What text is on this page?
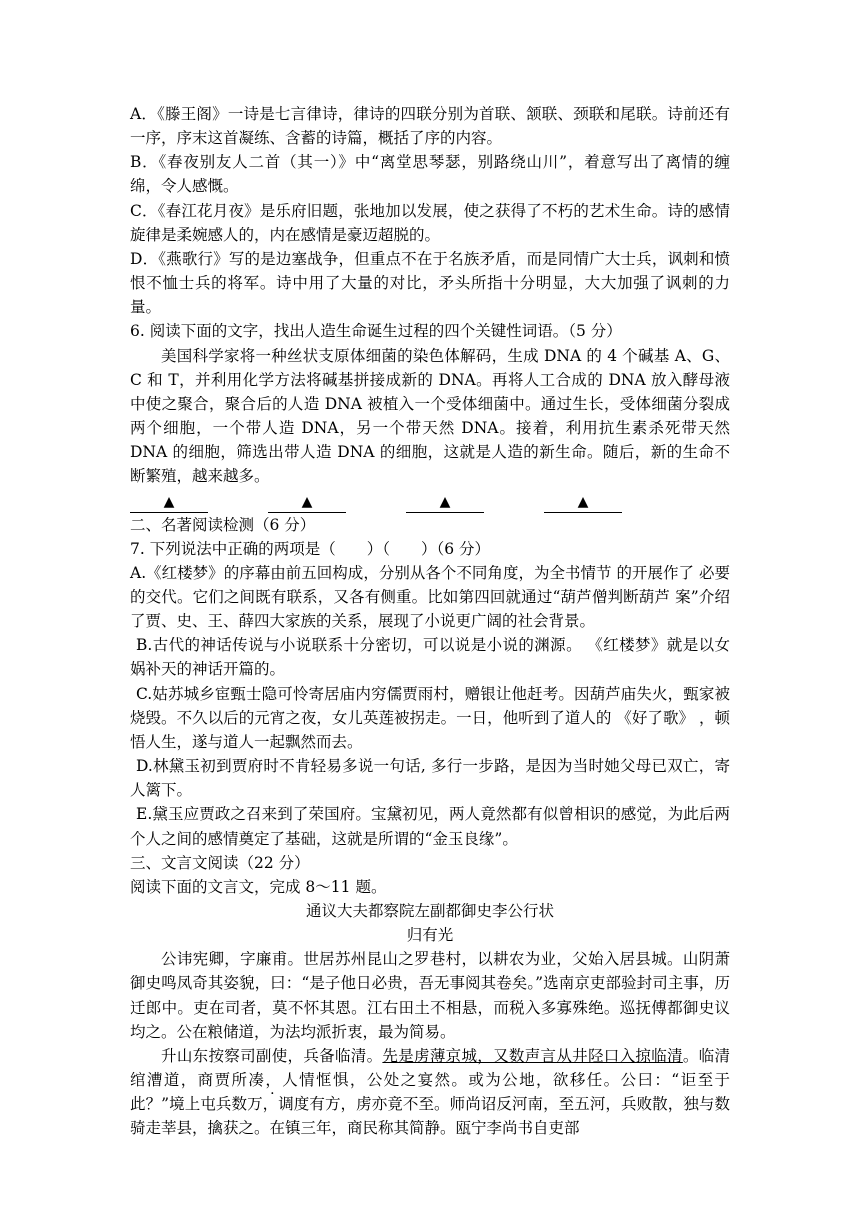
A．《滕王阁》一诗是七言律诗，律诗的四联分别为首联、颔联、颈联和尾联。诗前还有一序，序末这首凝练、含蓄的诗篇，概括了序的内容。

B．《春夜别友人二首（其一）》中“离堂思琴瑟，别路绕山川”，着意写出了离情的缠绵，令人感慨。

C．《春江花月夜》是乐府旧题，张地加以发展，使之获得了不朽的艺术生命。诗的感情旋律是柔婉感人的，内在感情是豪迈超脱的。

D．《燕歌行》写的是边塞战争，但重点不在于名族矛盾，而是同情广大士兵，讽刺和愤恨不恤士兵的将军。诗中用了大量的对比，矛头所指十分明显，大大加强了讽刺的力量。

6. 阅读下面的文字，找出人造生命诞生过程的四个关键性词语。（5 分）

美国科学家将一种丝状支原体细菌的染色体解码，生成 DNA 的 4 个碱基 A、G、C 和 T，并利用化学方法将碱基拼接成新的 DNA。再将人工合成的 DNA 放入酵母液中使之聚合，聚合后的人造 DNA 被植入一个受体细菌中。通过生长，受体细菌分裂成两个细胞，一个带人造 DNA，另一个带天然 DNA。接着，利用抗生素杀死带天然 DNA 的细胞，筛选出带人造 DNA 的细胞，这就是人造的新生命。随后，新的生命不断繁殖，越来越多。

▲	▲	▲	▲

二、名著阅读检测（6 分）

7. 下列说法中正确的两项是（　　）（　　）（6 分）

A.《红楼梦》的序幕由前五回构成，分别从各个不同角度，为全书情节 的开展作了 必要的交代。它们之间既有联系，又各有侧重。比如第四回就通过“葫芦僧判断葫芦 案”介绍了贾、史、王、薛四大家族的关系，展现了小说更广阔的社会背景。

B.古代的神话传说与小说联系十分密切，可以说是小说的渊源。 《红楼梦》就是以女娲补天的神话开篇的。

C.姑苏城乡宦甄士隐可怜寄居庙内穷儒贾雨村，赠银让他赶考。因葫芦庙失火，甄家被烧毁。不久以后的元宵之夜，女儿英莲被拐走。一日，他听到了道人的 《好了歌》 ，顿悟人生，遂与道人一起飘然而去。

D.林黛玉初到贾府时不肯轻易多说一句话, 多行一步路，是因为当时她父母已双亡，寄人篱下。

E.黛玉应贾政之召来到了荣国府。宝黛初见，两人竟然都有似曾相识的感觉，为此后两个人之间的感情奠定了基础，这就是所谓的“金玉良缘”。

三、文言文阅读（22 分）

阅读下面的文言文，完成 8～11 题。

通议大夫都察院左副都御史李公行状

归有光

公讳宪卿，字廉甫。世居苏州昆山之罗巷村，以耕农为业，父始入居县城。山阴萧御史鸣凤奇其姿貌，曰：“是子他日必贵，吾无事阅其卷矣。”选南京吏部验封司主事，历迁郎中。吏在司者，莫不怀其恩。江右田土不相悬，而税入多寡殊绝。巡抚傅都御史议均之。公在粮储道，为法均派折衷，最为简易。

升山东按察司副使，兵备临清。先是虏薄京城，又数声言从井陉口入掠临清。临清绾漕道，商贾所凑，人情恇惧，公处之宴然。或为公地，欲移任。公曰：“讵至于此？”境上屯兵数万，调度有方，虏亦竟不至。师尚诏反河南，至五河，兵败散，独与数骑走莘县，擒获之。在镇三年，商民称其简静。瓯宁李尚书自吏部
